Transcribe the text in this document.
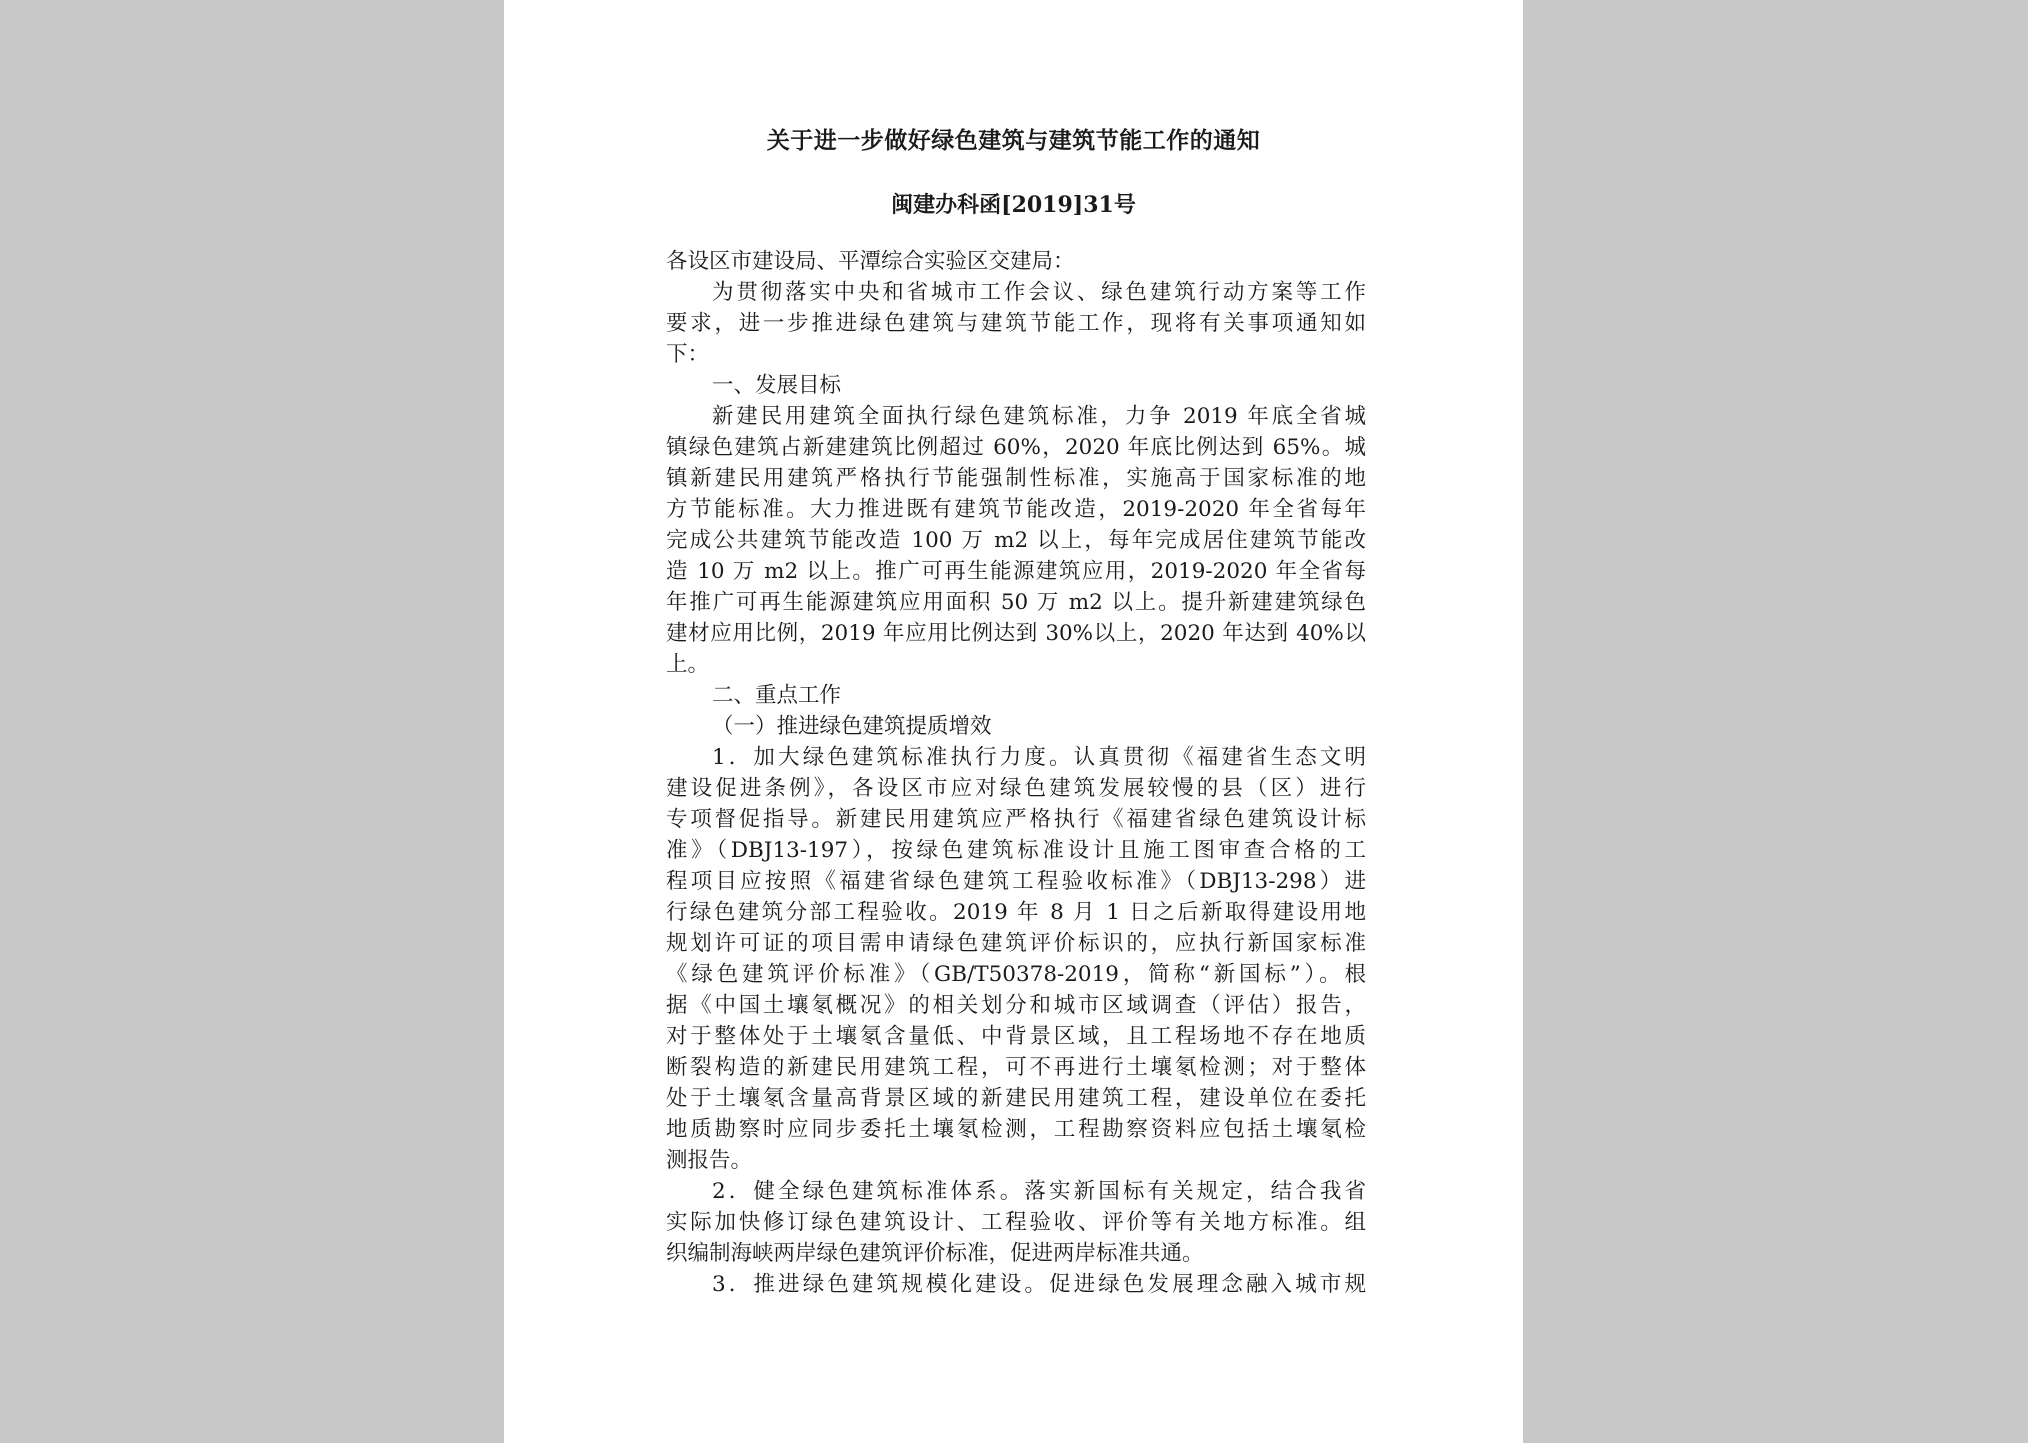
关于进一步做好绿色建筑与建筑节能工作的通知
闽建办科函[2019]31号
各设区市建设局、平潭综合实验区交建局：
为贯彻落实中央和省城市工作会议、绿色建筑行动方案等工作
要求，进一步推进绿色建筑与建筑节能工作，现将有关事项通知如
下：
一、发展目标
新建民用建筑全面执行绿色建筑标准，力争 2019 年底全省城
镇绿色建筑占新建建筑比例超过 60%，2020 年底比例达到 65%。城
镇新建民用建筑严格执行节能强制性标准，实施高于国家标准的地
方节能标准。大力推进既有建筑节能改造，2019-2020 年全省每年
完成公共建筑节能改造 100 万 m2 以上，每年完成居住建筑节能改
造 10 万 m2 以上。推广可再生能源建筑应用，2019-2020 年全省每
年推广可再生能源建筑应用面积 50 万 m2 以上。提升新建建筑绿色
建材应用比例，2019 年应用比例达到 30%以上，2020 年达到 40%以
上。
二、重点工作
（一）推进绿色建筑提质增效
1．加大绿色建筑标准执行力度。认真贯彻《福建省生态文明
建设促进条例》，各设区市应对绿色建筑发展较慢的县（区）进行
专项督促指导。新建民用建筑应严格执行《福建省绿色建筑设计标
准》（DBJ13-197），按绿色建筑标准设计且施工图审查合格的工
程项目应按照《福建省绿色建筑工程验收标准》（DBJ13-298）进
行绿色建筑分部工程验收。2019 年 8 月 1 日之后新取得建设用地
规划许可证的项目需申请绿色建筑评价标识的，应执行新国家标准
《绿色建筑评价标准》（GB/T50378-2019，简称“新国标”）。根
据《中国土壤氡概况》的相关划分和城市区域调查（评估）报告，
对于整体处于土壤氡含量低、中背景区域，且工程场地不存在地质
断裂构造的新建民用建筑工程，可不再进行土壤氡检测；对于整体
处于土壤氡含量高背景区域的新建民用建筑工程，建设单位在委托
地质勘察时应同步委托土壤氡检测，工程勘察资料应包括土壤氡检
测报告。
2．健全绿色建筑标准体系。落实新国标有关规定，结合我省
实际加快修订绿色建筑设计、工程验收、评价等有关地方标准。组
织编制海峡两岸绿色建筑评价标准，促进两岸标准共通。
3．推进绿色建筑规模化建设。促进绿色发展理念融入城市规
